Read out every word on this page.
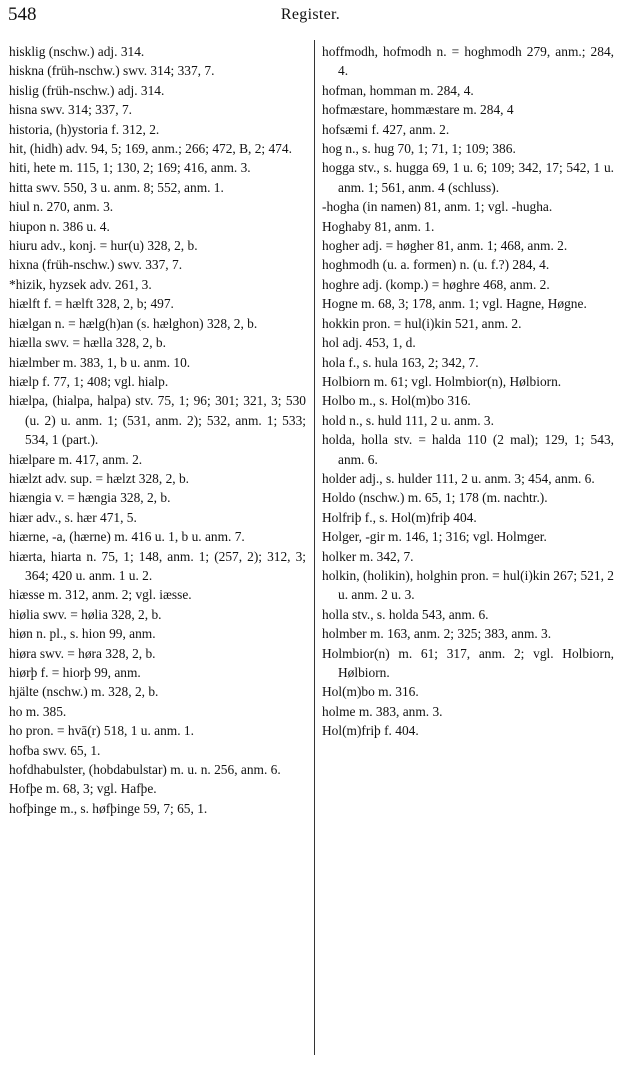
548	Register.
hisklig (nschw.) adj. 314.
hiskna (früh-nschw.) swv. 314; 337, 7.
hislig (früh-nschw.) adj. 314.
hisna swv. 314; 337, 7.
historia, (h)ystoria f. 312, 2.
hit, (hidh) adv. 94, 5; 169, anm.; 266; 472, B, 2; 474.
hiti, hete m. 115, 1; 130, 2; 169; 416, anm. 3.
hitta swv. 550, 3 u. anm. 8; 552, anm. 1.
hiul n. 270, anm. 3.
hiupon n. 386 u. 4.
hiuru adv., konj. = hur(u) 328, 2, b.
hixna (früh-nschw.) swv. 337, 7.
*hizik, hyzsek adv. 261, 3.
hiælft f. = hælft 328, 2, b; 497.
hiælgan n. = hælg(h)an (s. hælghon) 328, 2, b.
hiælla swv. = hælla 328, 2, b.
hiælmber m. 383, 1, b u. anm. 10.
hiælp f. 77, 1; 408; vgl. hialp.
hiælpa, (hialpa, halpa) stv. 75, 1; 96; 301; 321, 3; 530 (u. 2) u. anm. 1; (531, anm. 2); 532, anm. 1; 533; 534, 1 (part.).
hiælpare m. 417, anm. 2.
hiælzt adv. sup. = hælzt 328, 2, b.
hiængia v. = hængia 328, 2, b.
hiær adv., s. hær 471, 5.
hiærne, -a, (hærne) m. 416 u. 1, b u. anm. 7.
hiærta, hiarta n. 75, 1; 148, anm. 1; (257, 2); 312, 3; 364; 420 u. anm. 1 u. 2.
hiæsse m. 312, anm. 2; vgl. iæsse.
hiølia swv. = hølia 328, 2, b.
hiøn n. pl., s. hion 99, anm.
hiøra swv. = høra 328, 2, b.
hiørþ f. = hiorþ 99, anm.
hjälte (nschw.) m. 328, 2, b.
ho m. 385.
ho pron. = hvā(r) 518, 1 u. anm. 1.
hofba swv. 65, 1.
hofdhabulster, (hobdabulstar) m. u. n. 256, anm. 6.
Hofþe m. 68, 3; vgl. Hafþe.
hofþinge m., s. høfþinge 59, 7; 65, 1.
hoffmodh, hofmodh n. = hoghmodh 279, anm.; 284, 4.
hofman, homman m. 284, 4.
hofmæstare, hommæstare m. 284, 4
hofsæmi f. 427, anm. 2.
hog n., s. hug 70, 1; 71, 1; 109; 386.
hogga stv., s. hugga 69, 1 u. 6; 109; 342, 17; 542, 1 u. anm. 1; 561, anm. 4 (schluss).
-hogha (in namen) 81, anm. 1; vgl. -hugha.
Hoghaby 81, anm. 1.
hogher adj. = høgher 81, anm. 1; 468, anm. 2.
hoghmodh (u. a. formen) n. (u. f.?) 284, 4.
hoghre adj. (komp.) = høghre 468, anm. 2.
Hogne m. 68, 3; 178, anm. 1; vgl. Hagne, Høgne.
hokkin pron. = hul(i)kin 521, anm. 2.
hol adj. 453, 1, d.
hola f., s. hula 163, 2; 342, 7.
Holbiorn m. 61; vgl. Holmbior(n), Hølbiorn.
Holbo m., s. Hol(m)bo 316.
hold n., s. huld 111, 2 u. anm. 3.
holda, holla stv. = halda 110 (2 mal); 129, 1; 543, anm. 6.
holder adj., s. hulder 111, 2 u. anm. 3; 454, anm. 6.
Holdo (nschw.) m. 65, 1; 178 (m. nachtr.).
Holfriþ f., s. Hol(m)friþ 404.
Holger, -gir m. 146, 1; 316; vgl. Holmger.
holker m. 342, 7.
holkin, (holikin), holghin pron. = hul(i)kin 267; 521, 2 u. anm. 2 u. 3.
holla stv., s. holda 543, anm. 6.
holmber m. 163, anm. 2; 325; 383, anm. 3.
Holmbior(n) m. 61; 317, anm. 2; vgl. Holbiorn, Hølbiorn.
Hol(m)bo m. 316.
holme m. 383, anm. 3.
Hol(m)friþ f. 404.
